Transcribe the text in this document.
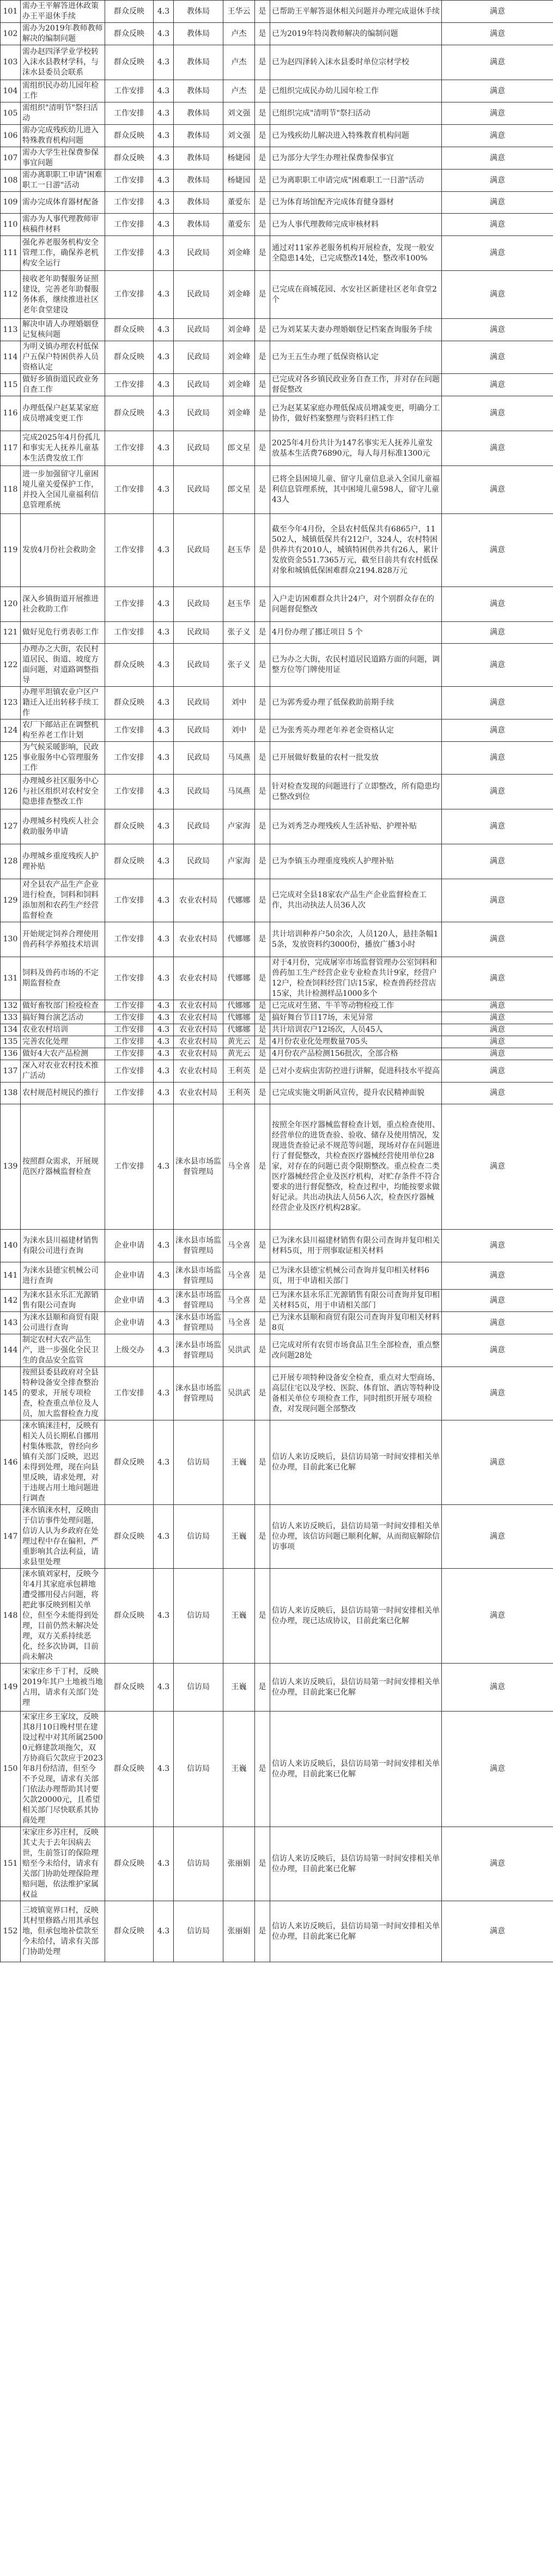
101	需办王平解答进休政策办王平退休手续	群众反映	4.3	教体局	王华云	是	已帮助王平解答退休相关问题并办理完成退休手续	满意
102	需办为2019年教师教师解决的编制问题	群众反映	4.3	教体局	卢杰	是	已为2019年特岗教师解决的编制问题	满意
103	需办赵四泽学业学校转入沫水县教材学科，与沫水县委员会联系	群众反映	4.3	教体局	卢杰	是	已为赵四泽转入沫水县委时单位宗材学校	满意
104	需组织民办幼儿园年检工作	工作安排	4.3	教体局	卢杰	是	已组织完成民办幼儿园年检工作	满意
105	需组织"清明节"祭扫活动	工作安排	4.3	教体局	刘文强	是	已组织完成"清明节"祭扫活动	满意
106	需办完成残疾幼儿进入特殊教育机构问题	群众反映	4.3	教体局	刘文强	是	已为残疾幼儿解决进入特殊教育机构问题	满意
107	需办大学生社保费参保事宜问题	群众反映	4.3	教体局	杨婕园	是	已为部分大学生办理社保费参保事宜	满意
108	需办离职职工申请"困难职工一日游"活动	工作安排	4.3	教体局	杨婕园	是	已为离职职工申请完成"困难职工一日游"活动	满意
109	需办完成体育器材配备	工作安排	4.3	教体局	董爱东	是	已为体育场馆配齐完成体育健身器材	满意
110	需办为人事代理教师审核稿件材料	工作安排	4.3	教体局	董爱东	是	已为人事代理教师完成审核材料	满意
111	强化养老服务机构安全管理工作，确保养老机构安全运行	工作安排	4.3	民政局	刘金峰	是	通过对11家养老服务机构开展检查，发现一般安全隐患14处，已完成整改14处，整改率100%	满意
112	接收老年助餐服务证照建设，完善老年助餐服务体系，继续推进社区老年食堂建设	工作安排	4.3	民政局	刘金峰	是	已完成在商城花园、水安社区新建社区老年食堂2个	满意
113	解决申请人办理婚姻登记复核问题	群众反映	4.3	民政局	刘金峰	是	已为刘某某夫妻办理婚姻登记档案查询服务手续	满意
114	为明义镇办理农村低保户五保户特困供养人员资格认定	群众反映	4.3	民政局	刘金峰	是	已为王五生办理了低保资格认定	满意
115	做好乡镇街道民政业务自查工作	工作安排	4.3	民政局	刘金峰	是	已完成对各乡镇民政业务自查工作，并对存在问题督促整改	满意
116	办理低保户赵某某家庭成员增减变更工作	群众反映	4.3	民政局	刘金峰	是	已为赵某某家庭办理低保成员增减变更，明确分工协作，做好档案整理与资料归档工作	满意
117	完成2025年4月份孤儿和事实无人抚养儿童基本生活费发放工作	工作安排	4.3	民政局	郎文星	是	2025年4月份共计为147名事实无人抚养儿童发放基本生活费76890元，每人每月标准1300元	满意
118	进一步加强留守儿童困境儿童关爱保护工作，并投入全国儿童福利信息管理系统	工作安排	4.3	民政局	郎文星	是	已将全县困境儿童、留守儿童信息录入全国儿童福利信息管理系统，其中困境儿童598人，留守儿童43人	满意
119	发放4月份社会救助金	工作安排	4.3	民政局	赵玉华	是	截至今年4月份，全县农村低保共有6865户，11502人，城镇低保共有212户，324人，农村特困供养共有2010人，城镇特困供养共有26人，累计发放资金551.7365万元，截至目前共有农村低保对象和城镇低保困难群众2194.828万元	满意
120	深入乡镇街道开展推进社会救助工作	工作安排	4.3	民政局	赵玉华	是	入户走访困难群众共计24户，对个别群众存在的问题督促整改	满意
121	做好见危行勇表彰工作	工作安排	4.3	民政局	张子义	是	4月份办理了挪迁项目 5 个	满意
122	办理办之大街，农民村道居民、街道、坡度方面问题，对道路调整指导	群众反映	4.3	民政局	张子义	是	已为办之大街，农民村道居民道路方面的问题，调整方位等门牌使用证	满意
123	办理平坦镇农业户区户籍迁入迁出转移手续工作	群众反映	4.3	民政局	刘中	是	已为郭秀爱办理了低保救助前期手续	满意
124	农厂下邮站正在调整机构至养老工作计划	工作安排	4.3	民政局	刘中	是	已为张秀英办理老年养老金资格认定	满意
125	为气候采暖影响，民政事业服务中心管理服务工作	工作安排	4.3	民政局	马凤燕	是	已开展做好数量的农村一批发放	满意
126	办理城乡社区服务中心与社区组织对农村安全隐患排查整改工作	工作安排	4.3	民政局	马凤燕	是	针对检查发现的问题进行了立即整改，所有隐患均已整改到位	满意
127	办理城乡村残疾人社会救助服务申请	群众反映	4.3	民政局	卢家海	是	已为刘秀芝办理残疾人生活补贴、护理补贴	满意
128	办理城乡重度残疾人护理补贴	群众反映	4.3	民政局	卢家海	是	已为李镇玉办理重度残疾人护理补贴	满意
129	对全县农产品生产企业进行检查，饲料和饲料添加剂和农药生产经营监督检查	工作安排	4.3	农业农村局	代娜娜	是	已完成对全县18家农产品生产企业监督检查工作，共出动执法人员36人次	满意
130	开始规定饲养合理使用兽药科学养殖技术培训	工作安排	4.3	农业农村局	代娜娜	是	共计培训种养户50余次，人员120人，悬挂条幅15条，发放资料约3000份，播放广播3小时	满意
131	饲料及兽药市场的不定期监督检查	工作安排	4.3	农业农村局	代娜娜	是	对于4月份，完成屠宰市场监督管理办公室饲料和兽药加工生产经营企业专业检查共计9家，经营户12户，检查饲料经营门店15家，检查兽药经营店15家，共计检测样品1000多个	满意
132	做好畜牧部门检疫检查	工作安排	4.3	农业农村局	代娜娜	是	已完成对生猪、牛羊等动物检疫工作	满意
133	搞好舞台演艺活动	工作安排	4.3	农业农村局	代娜娜	是	搞好舞台节目17场，未见异常	满意
134	农业农村培训	工作安排	4.3	农业农村局	代娜娜	是	共计培训农户12场次，人员45人	满意
135	完善农化处理	工作安排	4.3	农业农村局	黄光云	是	4月份农业化处理数量705头	满意
136	做好4大农产品检测	工作安排	4.3	农业农村局	黄光云	是	4月份农产品检测156批次，全部合格	满意
137	深入对农业农村技术推广活动	工作安排	4.3	农业农村局	王利英	是	已对小麦病虫害防控进行讲解，促进科技水平提高	满意
138	农村规范村规民约推行	工作安排	4.3	农业农村局	王利英	是	已完成实施文明新风宣传，提升农民精神面貌	满意
139	按照群众需求，开展规范医疗器械监督检查	工作安排	4.3	涞水县市场监督管理局	马全喜	是	按照全年医疗器械监督检查计划，重点检查使用、经营单位的进货查验、验收、储存及使用情况，发现进货查验记录不规范等问题，现场对存在问题进行了督促整改，共检查医疗器械经营使用单位28家，对存在的问题已责令限期整改。重点检查二类医疗器械经营企业及医疗机构，对贮存条件不符合要求的进行督促整改，检查过程中，均能按要求做好记录。共出动执法人员56人次，检查医疗器械经营企业及医疗机构28家。	满意
140	为涞水县川福建材销售有限公司进行查询	企业申请	4.3	涞水县市场监督管理局	马全喜	是	已为涞水县川福建材销售有限公司查询并复印相关材料5页，用于刑事取证相关材料	满意
141	为涞水县德宝机械公司进行查询	企业申请	4.3	涞水县市场监督管理局	马全喜	是	已为涞水县德宝机械公司查询并复印相关材料6页，用于申请相关部门	满意
142	为涞水县永乐汇光源销售有限公司查询	企业申请	4.3	涞水县市场监督管理局	马全喜	是	已为涞水县永乐汇光源销售有限公司查询并复印相关材料5页，用于申请相关部门	满意
143	为涞水县顺和商贸有限公司进行查询	企业申请	4.3	涞水县市场监督管理局	马全喜	是	已为涞水县顺和商贸有限公司查询并复印相关材料8页	满意
144	制定农村大农产品生产，进一步强化全民卫生的食品安全监管	上级交办	4.3	涞水县市场监督管理局	吴洪武	是	已完成对所有农贸市场食品卫生全部检查，重点整改问题28处	满意
145	按照县委县政府对全县特种设备安全排查整治的要求，开展专项检查，检查重点单位及人员，加大监督检查力度	工作安排	4.3	涞水县市场监督管理局	吴洪武	是	已开展专项特种设备安全检查，重点对大型商场、高层住宅以及学校、医院、体育馆、酒店等特种设备相关单位专项检查工作，同时组织开展专项检查，对发现问题全部整改	满意
146	涞水镇涞洼村，反映有相关人员长期私自挪用村集体账款，曾经向乡镇有关部门反映，迟迟未得到处理，现在向县里反映，请求处理，对于违规占用土地问题进行调查	群众反映	4.3	信访局	王巍	是	信访人来访反映后，县信访局第一时间安排相关单位办理，目前此案已化解	满意
147	涞水镇涞水村，反映由于信访事件处理问题，信访人认为乡政府在处理过程中存在偏袒，严重影响其合法利益，请求县里处理	群众反映	4.3	信访局	王巍	是	信访人来访反映后，县信访局第一时间安排相关单位办理，该信访问题已顺利化解，从而彻底解除信访事项	满意
148	涞水镇刘家村，反映今年4月其家庭承包耕地遭受挪用侵占问题，将把此事反映到相关单位，但至今未能得到处理，目前仍然未解决处理，双方关系持续恶化，经多次协调，目前尚未解决	群众反映	4.3	信访局	王巍	是	信访人来访反映后，县信访局第一时间安排相关单位办理，现已达成协议，目前此案已化解	满意
149	宋家庄乡千丁村，反映2019年其户土地被当地占用，请求有关部门处理	群众反映	4.3	信访局	王巍	是	信访人来访反映后，县信访局第一时间安排相关单位办理，目前此案已化解	满意
150	宋家庄乡王家坟，反映其8月10日晚村里在建设过程中对其所属25000元修建款项拖欠，双方协商后欠款应于2023年8月份结清，但至今不予兑现，请求有关部门依法办理帮助其讨要欠款20000元，且希望相关部门尽快联系其协商处理	群众反映	4.3	信访局	王巍	是	信访人来访反映后，县信访局第一时间安排相关单位办理，目前此案已化解	满意
151	宋家庄乡苏庄村，反映其丈夫于去年因病去世，生前签订的保险理赔至今未给付，请求有关部门协助处理保险理赔问题，依法维护家属权益	群众反映	4.3	信访局	张丽娟	是	信访人来访反映后，县信访局第一时间安排相关单位办理，目前此案已化解	满意
152	三坡镇宽界口村，反映其村里修路占用其承包地，但承包地补偿款至今未给付，请求有关部门协助处理	群众反映	4.3	信访局	张丽娟	是	信访人来访反映后，县信访局第一时间安排相关单位办理，目前此案已化解	满意
